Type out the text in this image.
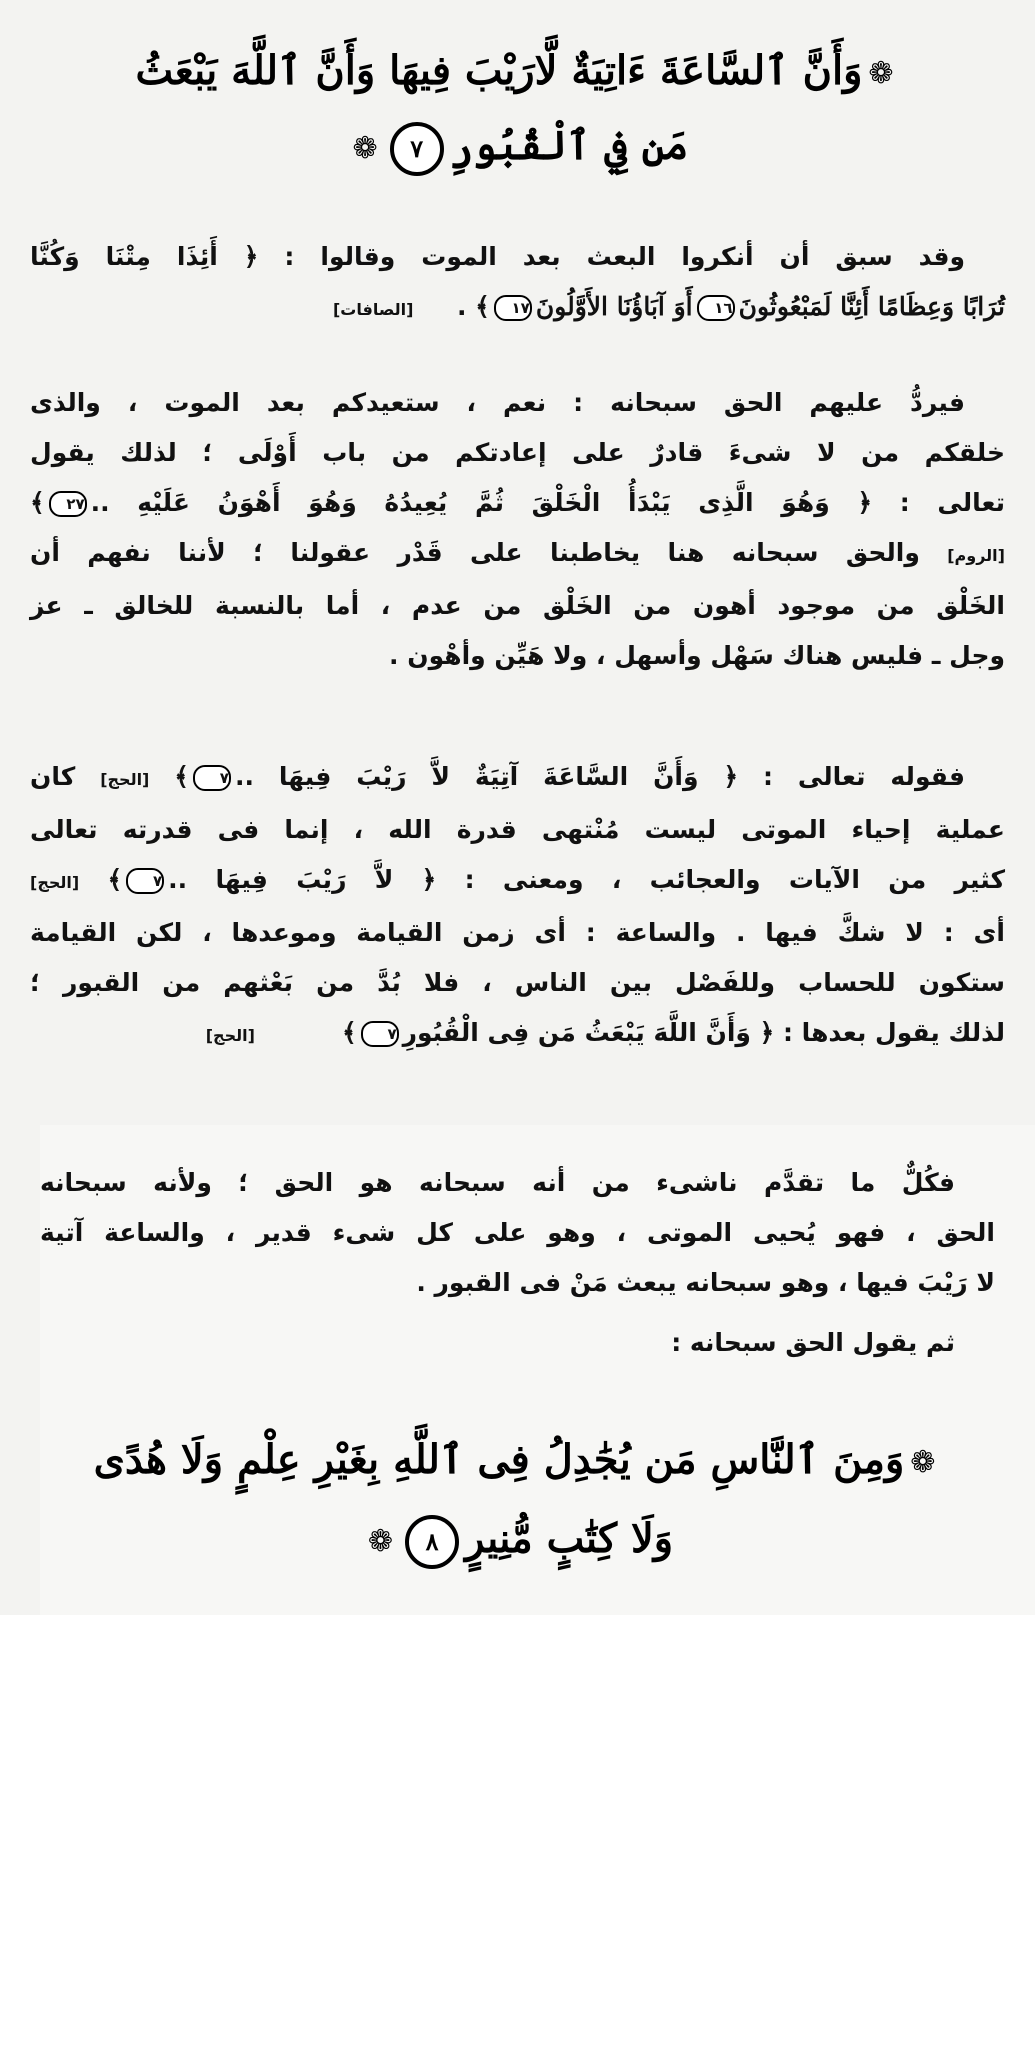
❁وَأَنَّ ٱلسَّاعَةَ ءَاتِيَةٌ لَّارَيْبَ فِيهَا وَأَنَّ ٱللَّهَ يَبْعَثُ
مَن فِي ٱلْقُبُورِ٧❁
وقد سبق أن أنكروا البعث بعد الموت وقالوا : ﴿ أَئِذَا مِتْنَا وَكُنَّا
تُرَابًا وَعِظَامًا أَئِنَّا لَمَبْعُوثُونَ١٦أَوَ آبَاؤُنَا الأَوَّلُونَ١٧﴾ .     [الصافات]
فيردُّ عليهم الحق سبحانه : نعم ، ستعيدكم بعد الموت ، والذى
خلقكم من لا شىءَ قادرٌ على إعادتكم من باب أَوْلَى ؛ لذلك يقول
تعالى : ﴿ وَهُوَ الَّذِى يَبْدَأُ الْخَلْقَ ثُمَّ يُعِيدُهُ وَهُوَ أَهْوَنُ عَلَيْهِ ..٢٧﴾
[الروم] والحق سبحانه هنا يخاطبنا على قَدْر عقولنا ؛ لأننا نفهم أن
الخَلْق من موجود أهون من الخَلْق من عدم ، أما بالنسبة للخالق ـ عز
وجل ـ فليس هناك سَهْل وأسهل ، ولا هَيِّن وأهْون .
فقوله تعالى : ﴿ وَأَنَّ السَّاعَةَ آتِيَةٌ لاَّ رَيْبَ فِيهَا ..٧﴾ [الحج] كان
عملية إحياء الموتى ليست مُنْتهى قدرة الله ، إنما فى قدرته تعالى
كثير من الآيات والعجائب ، ومعنى : ﴿ لاَّ رَيْبَ فِيهَا ..٧﴾ [الحج]
أى : لا شكَّ فيها . والساعة : أى زمن القيامة وموعدها ، لكن القيامة
ستكون للحساب وللفَصْل بين الناس ، فلا بُدَّ من بَعْثهم من القبور ؛
لذلك يقول بعدها : ﴿ وَأَنَّ اللَّهَ يَبْعَثُ مَن فِى الْقُبُورِ٧﴾          [الحج]
فكُلٌّ ما تقدَّم ناشىء من أنه سبحانه هو الحق ؛ ولأنه سبحانه
الحق ، فهو يُحيى الموتى ، وهو على كل شىء قدير ، والساعة آتية
لا رَيْبَ فيها ، وهو سبحانه يبعث مَنْ فى القبور .
ثم يقول الحق سبحانه :
❁وَمِنَ ٱلنَّاسِ مَن يُجَٰدِلُ فِى ٱللَّهِ بِغَيْرِ عِلْمٍ وَلَا هُدًى
وَلَا كِتَٰبٍ مُّنِيرٍ٨❁
